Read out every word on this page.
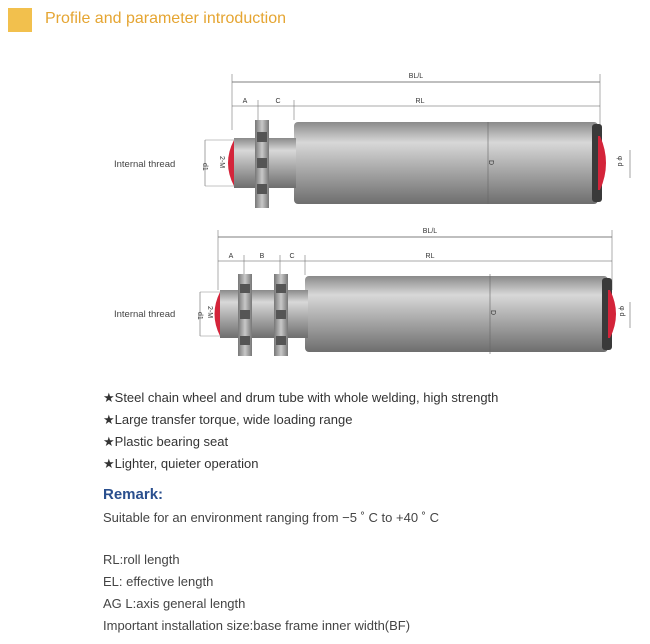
Profile and parameter introduction
BL/L
A	C	RL
d1 2-M	D	φ d
Internal thread
BL/L
A	B	C	RL
d1 2-M	D	φ d
Internal thread
★Steel chain wheel and drum tube with whole welding, high strength
★Large transfer torque, wide loading range
★Plastic bearing seat
★Lighter, quieter operation
Remark:
Suitable for an environment ranging from −5 ˚ C to +40 ˚ C
RL:roll length
EL: effective length
AG L:axis general length
Important installation size:base frame inner width(BF)
